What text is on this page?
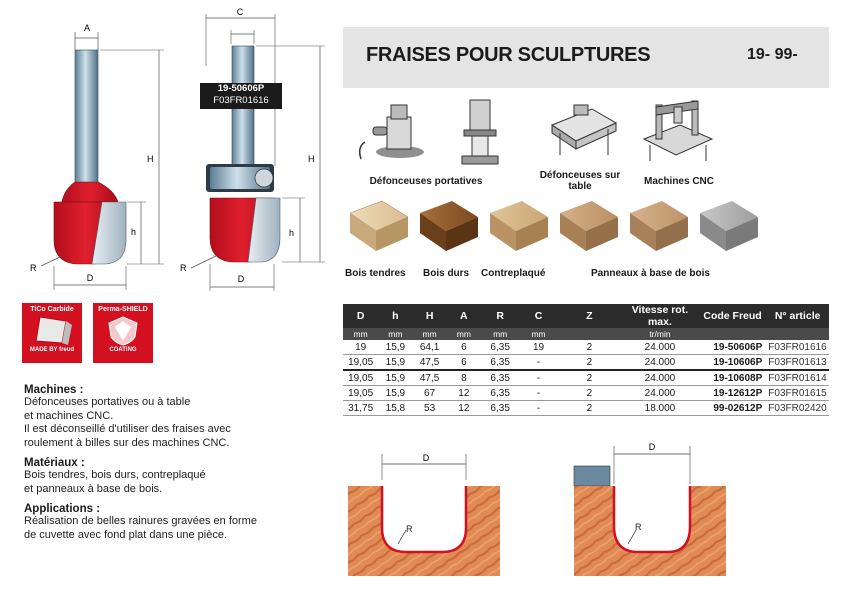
FRAISES POUR SCULPTURES	19- 99-
A
H
h
R
D
C
H
h
R
D
19-50606P
F03FR01616
Défonceuses portatives
Défonceuses sur table	Machines CNC
Bois tendres Bois durs Contreplaqué	Panneaux à base de bois
TiCo Carbide
MADE BY freud
Perma-SHIELD
COATING
D	h	H	A	R	C	Z	Vitesse rot. max.	Code Freud	N° article
mm	mm	mm	mm	mm	mm		tr/min		
19	15,9	64,1	6	6,35	19	2	24.000	19-50606P	F03FR01616
19,05	15,9	47,5	6	6,35	-	2	24.000	19-10606P	F03FR01613
19,05	15,9	47,5	8	6,35	-	2	24.000	19-10608P	F03FR01614
19,05	15,9	67	12	6,35	-	2	24.000	19-12612P	F03FR01615
31,75	15,8	53	12	6,35	-	2	18.000	99-02612P	F03FR02420
Machines :
Défonceuses portatives ou à table
et machines CNC.
Il est déconseillé d'utiliser des fraises avec
roulement à billes sur des machines CNC.
Matériaux :
Bois tendres, bois durs, contreplaqué
et panneaux à base de bois.
Applications :
Réalisation de belles rainures gravées en forme
de cuvette avec fond plat dans une pièce.
D
R
D
R
